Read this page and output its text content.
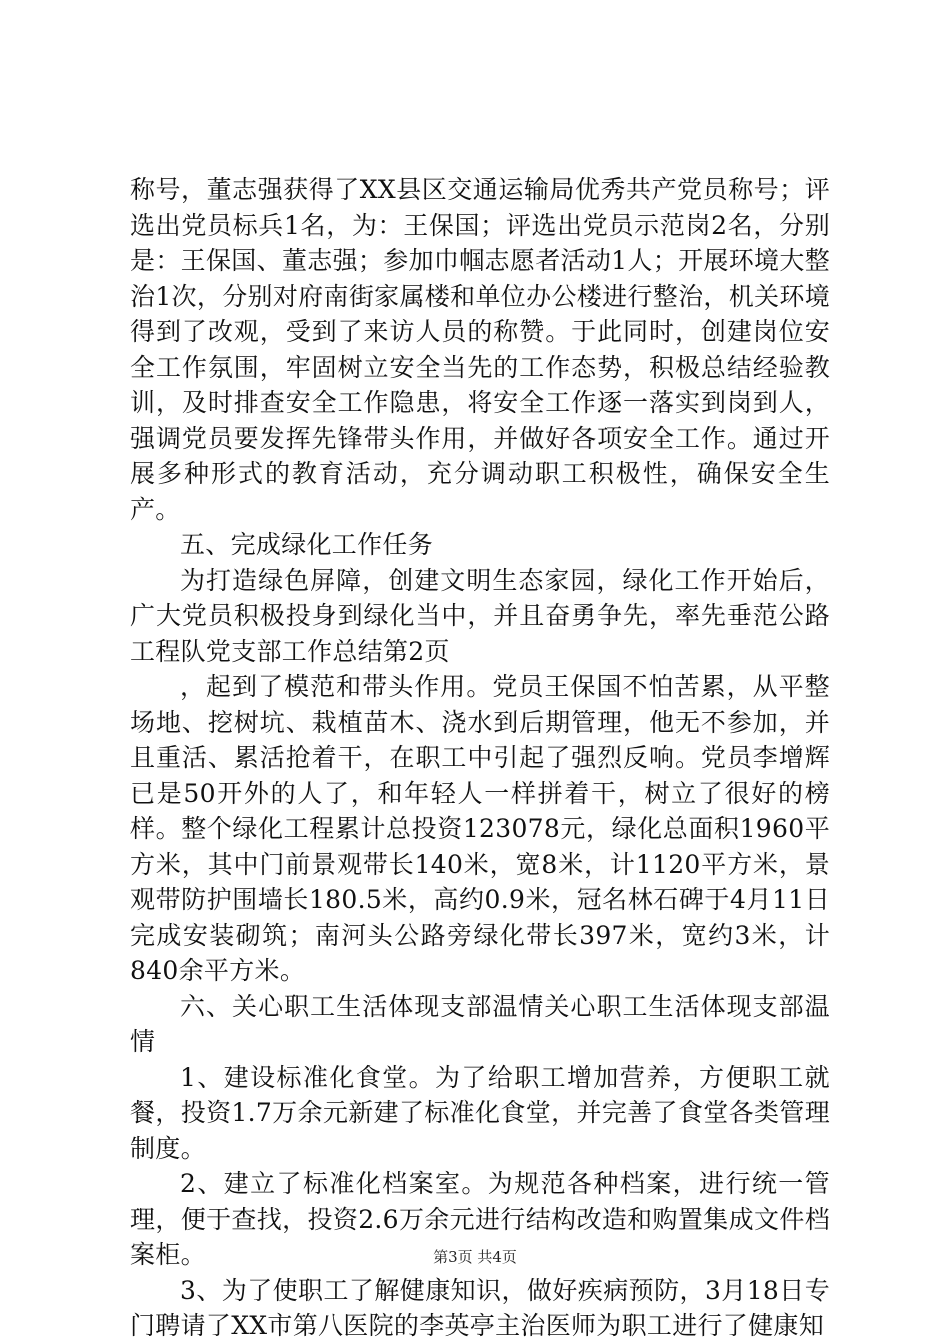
称号，董志强获得了XX县区交通运输局优秀共产党员称号；评选出党员标兵1名，为：王保国；评选出党员示范岗2名，分别是：王保国、董志强；参加巾帼志愿者活动1人；开展环境大整治1次，分别对府南街家属楼和单位办公楼进行整治，机关环境得到了改观，受到了来访人员的称赞。于此同时，创建岗位安全工作氛围，牢固树立安全当先的工作态势，积极总结经验教训，及时排查安全工作隐患，将安全工作逐一落实到岗到人，强调党员要发挥先锋带头作用，并做好各项安全工作。通过开展多种形式的教育活动，充分调动职工积极性，确保安全生产。

五、完成绿化工作任务

为打造绿色屏障，创建文明生态家园，绿化工作开始后，广大党员积极投身到绿化当中，并且奋勇争先，率先垂范公路工程队党支部工作总结第2页

，起到了模范和带头作用。党员王保国不怕苦累，从平整场地、挖树坑、栽植苗木、浇水到后期管理，他无不参加，并且重活、累活抢着干，在职工中引起了强烈反响。党员李增辉已是50开外的人了，和年轻人一样拼着干，树立了很好的榜样。整个绿化工程累计总投资123078元，绿化总面积1960平方米，其中门前景观带长140米，宽8米，计1120平方米，景观带防护围墙长180.5米，高约0.9米，冠名林石碑于4月11日完成安装砌筑；南河头公路旁绿化带长397米，宽约3米，计840余平方米。

六、关心职工生活体现支部温情关心职工生活体现支部温情

1、建设标准化食堂。为了给职工增加营养，方便职工就餐，投资1.7万余元新建了标准化食堂，并完善了食堂各类管理制度。

2、建立了标准化档案室。为规范各种档案，进行统一管理，便于查找，投资2.6万余元进行结构改造和购置集成文件档案柜。

3、为了使职工了解健康知识，做好疾病预防，3月18日专门聘请了XX市第八医院的李英亭主治医师为职工进行了健康知

第3页 共4页
